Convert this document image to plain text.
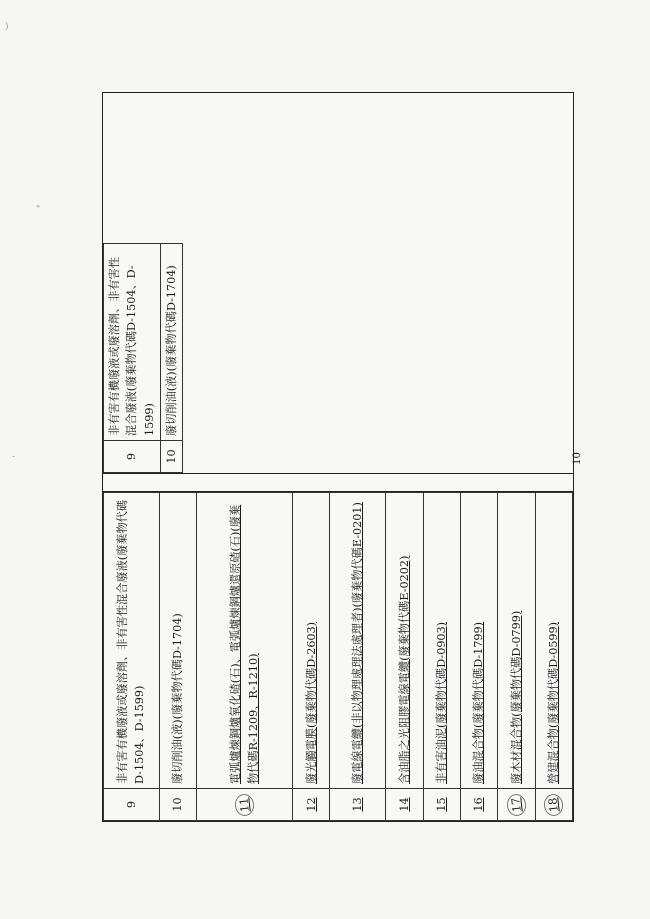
)
"
-
9	非有害有機廢液或廢溶劑、非有害性混合廢液(廢棄物代碼D-1504、D-1599)
10	廢切削油(液)(廢棄物代碼D-1704)
11	電弧爐煉鋼爐氧化碴(石)、電弧爐煉鋼爐還原碴(石)(廢棄物代碼R-1209、R-1210)
12	廢光觸電膜(廢棄物代碼D-2603)
13	廢電線電纜(非以物理處理法處理者)(廢棄物代碼E-0201)
14	含油脂之光阻膠電線電纜(廢棄物代碼E-0202)
15	非有害油泥(廢棄物代碼D-0903)
16	廢油混合物(廢棄物代碼D-1799)
17	廢木材混合物(廢棄物代碼D-0799)
18	營建混合物(廢棄物代碼D-0599)
9	非有害有機廢液或廢溶劑、非有害性混合廢液(廢棄物代碼D-1504、D-1599)
10	廢切削油(液)(廢棄物代碼D-1704)
10
